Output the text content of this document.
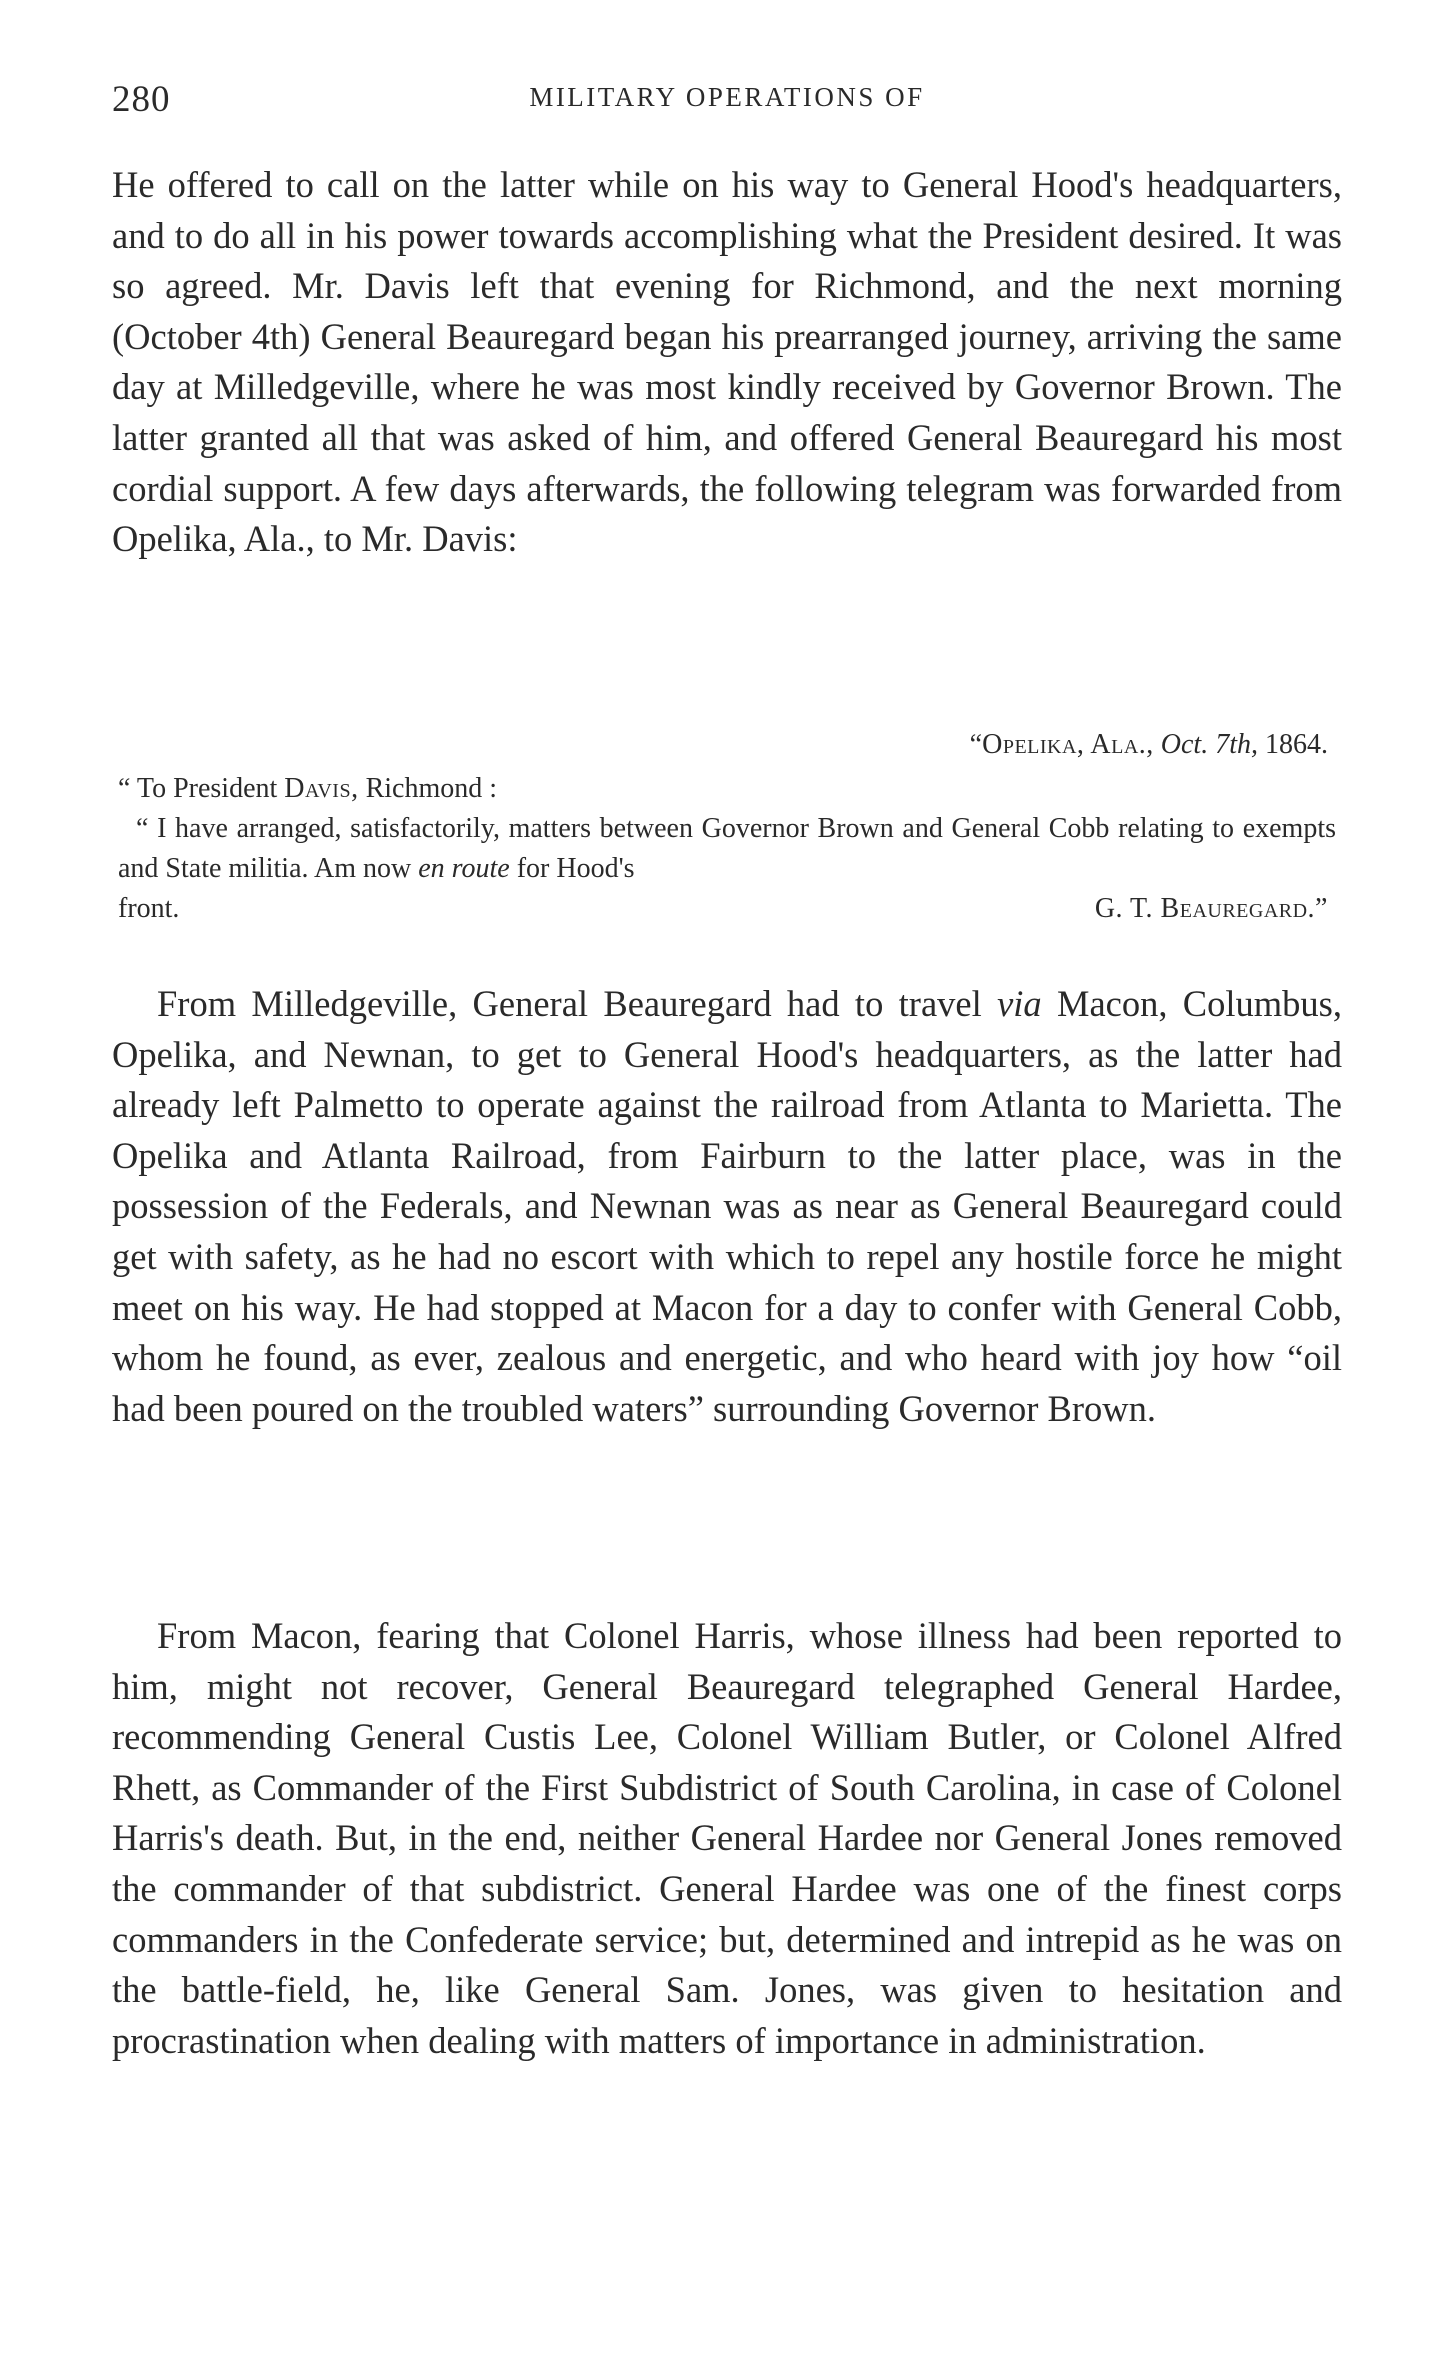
280	MILITARY OPERATIONS OF

He offered to call on the latter while on his way to General Hood's headquarters, and to do all in his power towards accomplishing what the President desired. It was so agreed. Mr. Davis left that evening for Richmond, and the next morning (October 4th) General Beauregard began his prearranged journey, arriving the same day at Milledgeville, where he was most kindly received by Governor Brown. The latter granted all that was asked of him, and offered General Beauregard his most cordial support. A few days afterwards, the following telegram was forwarded from Opelika, Ala., to Mr. Davis:

“Opelika, Ala., Oct. 7th, 1864.
“ To President Davis, Richmond :
“ I have arranged, satisfactorily, matters between Governor Brown and General Cobb relating to exempts and State militia. Am now en route for Hood's
front.	G. T. Beauregard.”

From Milledgeville, General Beauregard had to travel via Macon, Columbus, Opelika, and Newnan, to get to General Hood's headquarters, as the latter had already left Palmetto to operate against the railroad from Atlanta to Marietta. The Opelika and Atlanta Railroad, from Fairburn to the latter place, was in the possession of the Federals, and Newnan was as near as General Beauregard could get with safety, as he had no escort with which to repel any hostile force he might meet on his way. He had stopped at Macon for a day to confer with General Cobb, whom he found, as ever, zealous and energetic, and who heard with joy how “oil had been poured on the troubled waters” surrounding Governor Brown.

From Macon, fearing that Colonel Harris, whose illness had been reported to him, might not recover, General Beauregard telegraphed General Hardee, recommending General Custis Lee, Colonel William Butler, or Colonel Alfred Rhett, as Commander of the First Subdistrict of South Carolina, in case of Colonel Harris's death. But, in the end, neither General Hardee nor General Jones removed the commander of that subdistrict. General Hardee was one of the finest corps commanders in the Confederate service; but, determined and intrepid as he was on the battle-field, he, like General Sam. Jones, was given to hesitation and procrastination when dealing with matters of importance in administration.
